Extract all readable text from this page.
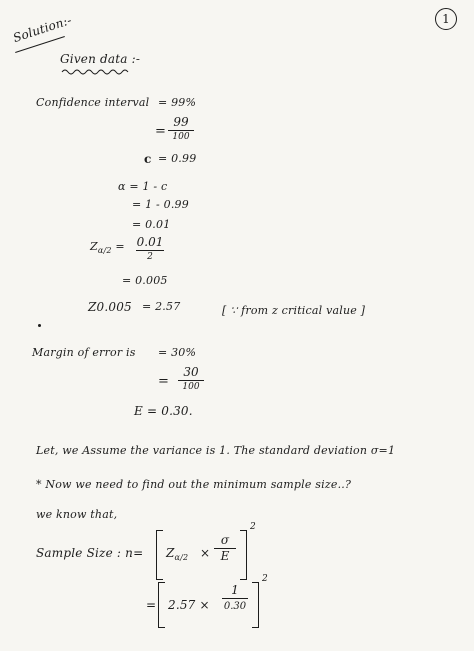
1
Solution:-
Given data :-
Confidence interval = 99%
=
99
100
c = 0.99
α = 1 - c
= 1 - 0.99
= 0.01
$Z_{\alpha/2} = 0.01$
2
= 0.005
Z0.005 = 2.57	[ ∵ from z critical value ]
Margin of error is = 30%
=
30
100
E = 0.30.
Let, we Assume the variance is 1. The standard deviation σ=1
* Now we need to find out the minimum sample size..?
we know that,
Sample Size : $n= Z_{\alpha/2}$ ×
σ
E
2
= 2.57 ×
1
0.30
2
